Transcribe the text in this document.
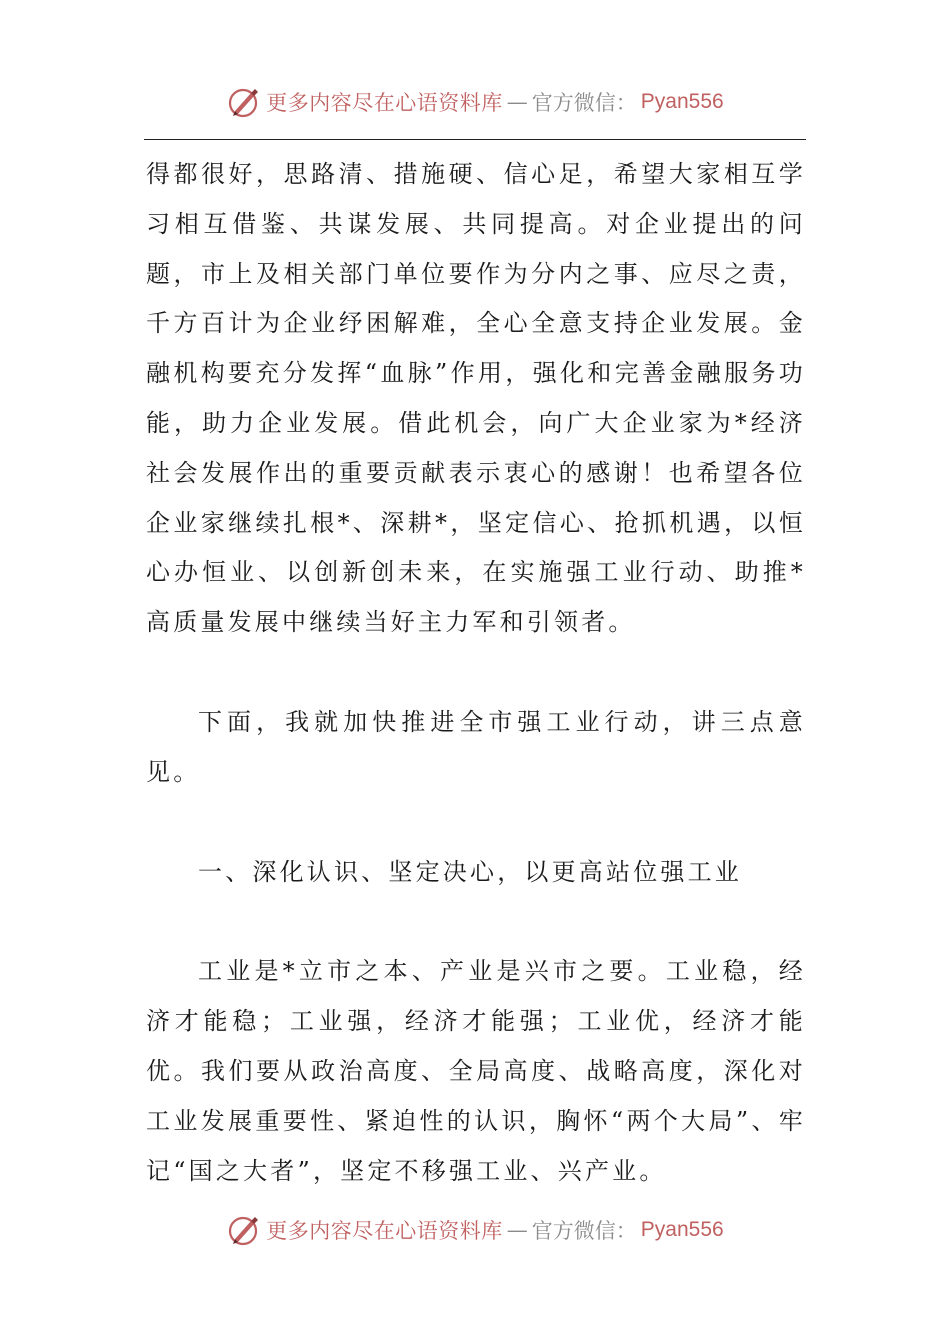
更多内容尽在心语资料库 — 官方微信： Pyan556

得都很好，思路清、措施硬、信心足，希望大家相互学习相互借鉴、共谋发展、共同提高。对企业提出的问题，市上及相关部门单位要作为分内之事、应尽之责，千方百计为企业纾困解难，全心全意支持企业发展。金融机构要充分发挥“血脉”作用，强化和完善金融服务功能，助力企业发展。借此机会，向广大企业家为*经济社会发展作出的重要贡献表示衷心的感谢！也希望各位企业家继续扎根*、深耕*，坚定信心、抢抓机遇，以恒心办恒业、以创新创未来，在实施强工业行动、助推*高质量发展中继续当好主力军和引领者。

下面，我就加快推进全市强工业行动，讲三点意见。

一、深化认识、坚定决心，以更高站位强工业

工业是*立市之本、产业是兴市之要。工业稳，经济才能稳；工业强，经济才能强；工业优，经济才能优。我们要从政治高度、全局高度、战略高度，深化对工业发展重要性、紧迫性的认识，胸怀“两个大局”、牢记“国之大者”，坚定不移强工业、兴产业。

更多内容尽在心语资料库 — 官方微信： Pyan556
